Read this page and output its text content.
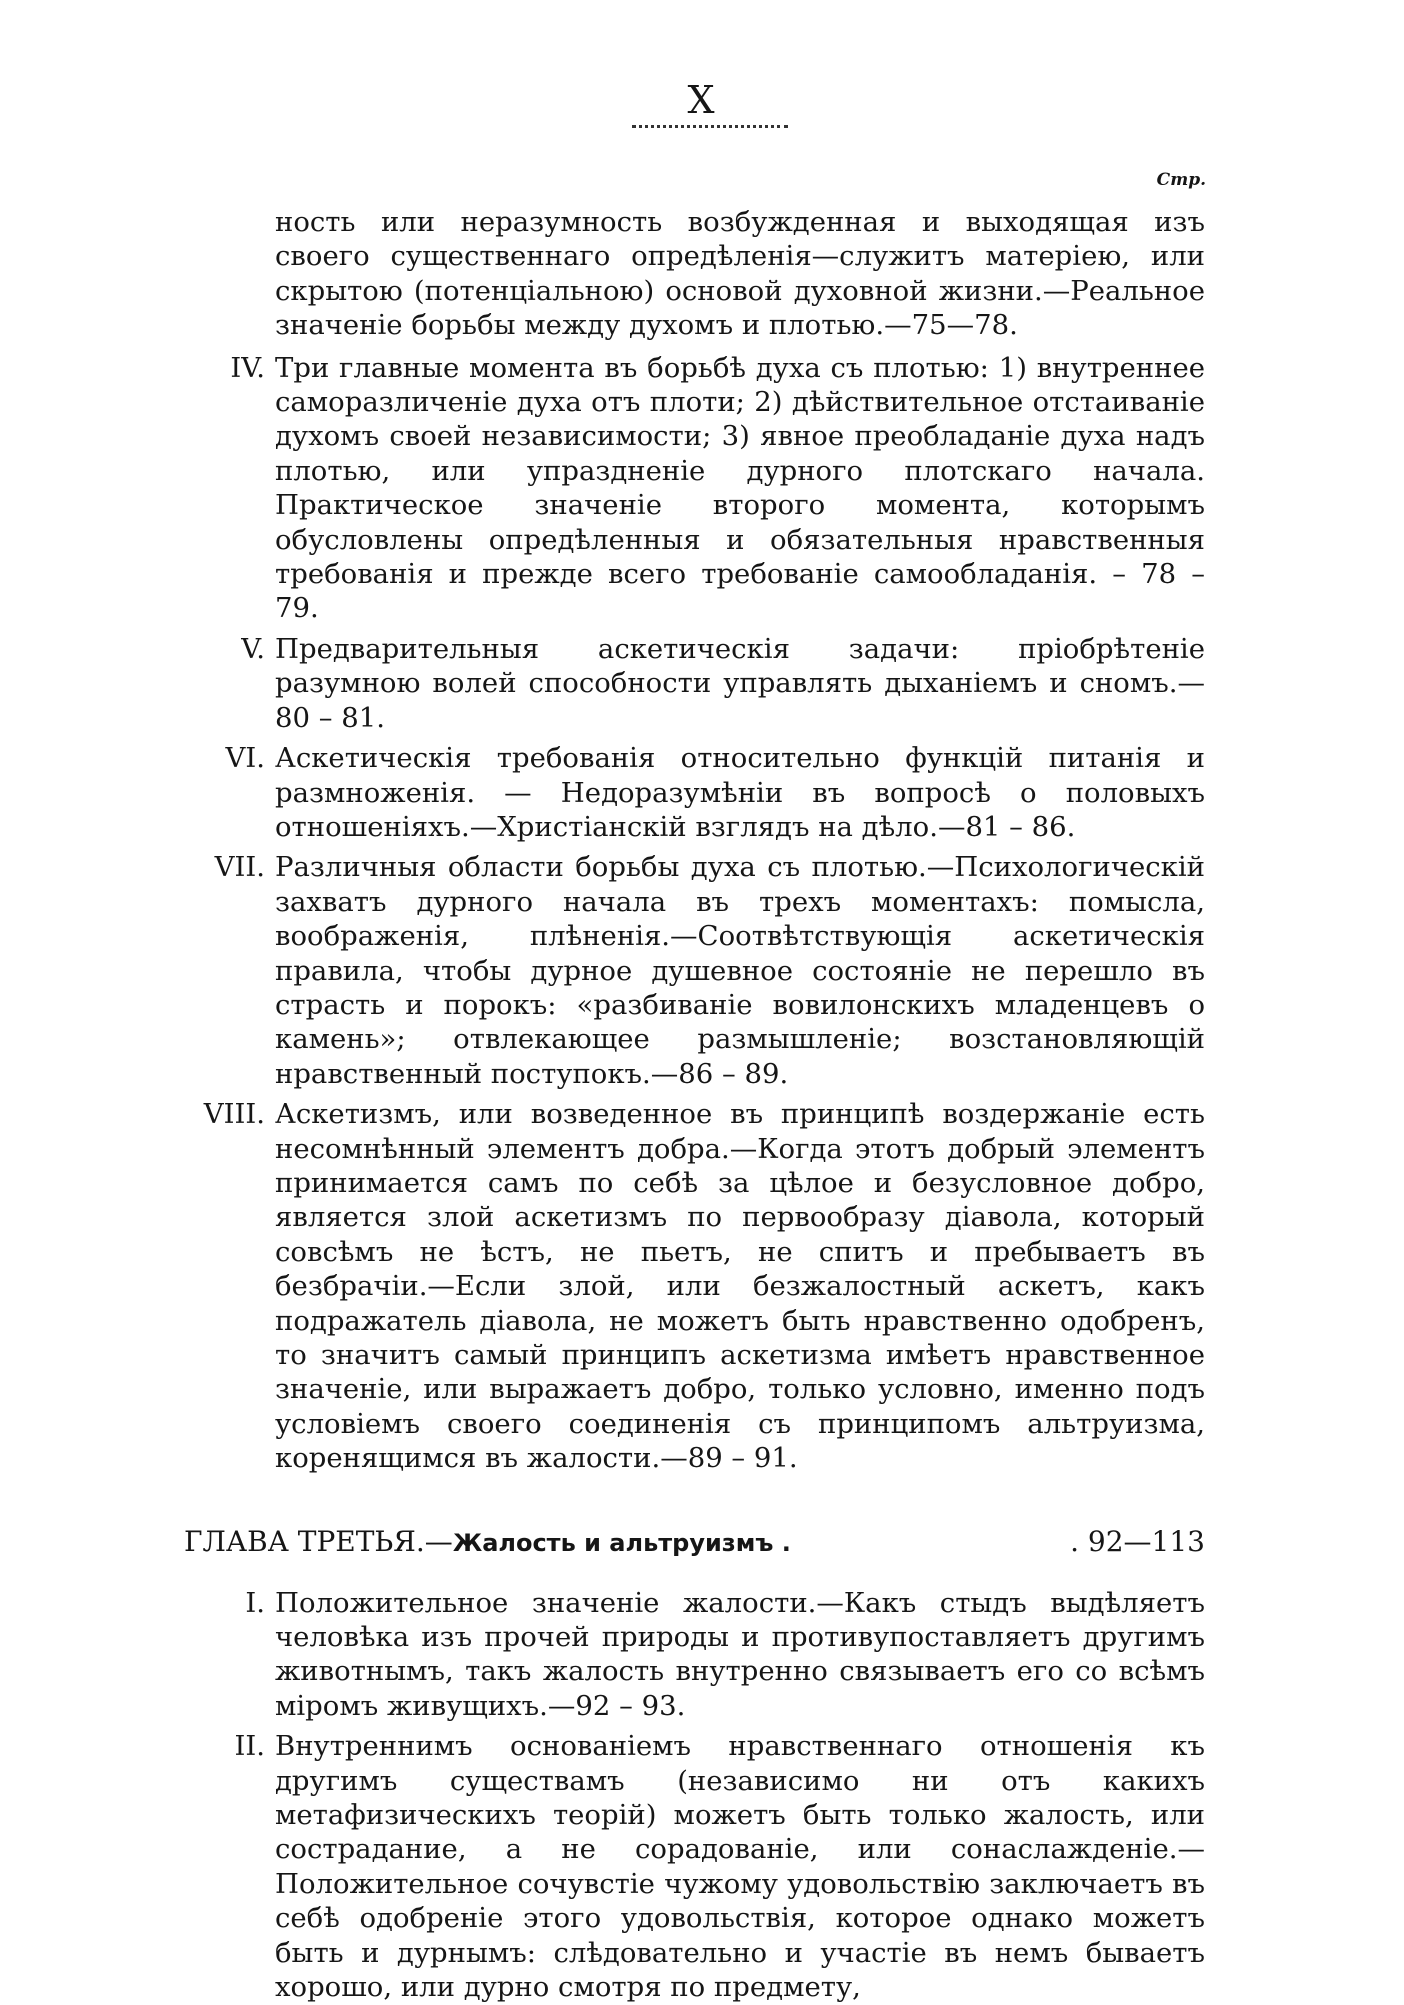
X
Стр.
ность или неразумность возбужденная и выходящая изъ своего существеннаго опредѣленія—служитъ матеріею, или скрытою (потенціальною) основой духовной жизни.—Реальное значеніе борьбы между духомъ и плотью.—75—78.
IV. Три главные момента въ борьбѣ духа съ плотью: 1) внутреннее саморазличеніе духа отъ плоти; 2) дѣйствительное отстаиваніе духомъ своей независимости; 3) явное преобладаніе духа надъ плотью, или упраздненіе дурного плотскаго начала. Практическое значеніе второго момента, которымъ обусловлены опредѣленныя и обязательныя нравственныя требованія и прежде всего требованіе самообладанія. – 78 – 79.
V. Предварительныя аскетическія задачи: пріобрѣтеніе разумною волей способности управлять дыханіемъ и сномъ.—80 – 81.
VI. Аскетическія требованія относительно функцій питанія и размноженія. — Недоразумѣніи въ вопросѣ о половыхъ отношеніяхъ.—Христіанскій взглядъ на дѣло.—81 – 86.
VII. Различныя области борьбы духа съ плотью.—Психологическій захватъ дурного начала въ трехъ моментахъ: помысла, воображенія, плѣненія.—Соотвѣтствующія аскетическія правила, чтобы дурное душевное состояніе не перешло въ страсть и порокъ: «разбиваніе вовилонскихъ младенцевъ о камень»; отвлекающее размышленіе; возстановляющій нравственный поступокъ.—86 – 89.
VIII. Аскетизмъ, или возведенное въ принципѣ воздержаніе есть несомнѣнный элементъ добра.—Когда этотъ добрый элементъ принимается самъ по себѣ за цѣлое и безусловное добро, является злой аскетизмъ по первообразу діавола, который совсѣмъ не ѣстъ, не пьетъ, не спитъ и пребываетъ въ безбрачіи.—Если злой, или безжалостный аскетъ, какъ подражатель діавола, не можетъ быть нравственно одобренъ, то значитъ самый принципъ аскетизма имѣетъ нравственное значеніе, или выражаетъ добро, только условно, именно подъ условіемъ своего соединенія съ принципомъ альтруизма, коренящимся въ жалости.—89 – 91.
ГЛАВА ТРЕТЬЯ.—Жалость и альтруизмъ .	. 92—113
I. Положительное значеніе жалости.—Какъ стыдъ выдѣляетъ человѣка изъ прочей природы и противупоставляетъ другимъ животнымъ, такъ жалость внутренно связываетъ его со всѣмъ міромъ живущихъ.—92 – 93.
II. Внутреннимъ основаніемъ нравственнаго отношенія къ другимъ существамъ (независимо ни отъ какихъ метафизическихъ теорій) можетъ быть только жалость, или сострадание, а не сорадованіе, или сонаслажденіе.—Положительное сочувстіе чужому удовольствію заключаетъ въ себѣ одобреніе этого удовольствія, которое однако можетъ быть и дурнымъ: слѣдовательно и участіе въ немъ бываетъ хорошо, или дурно смотря по предмету,
